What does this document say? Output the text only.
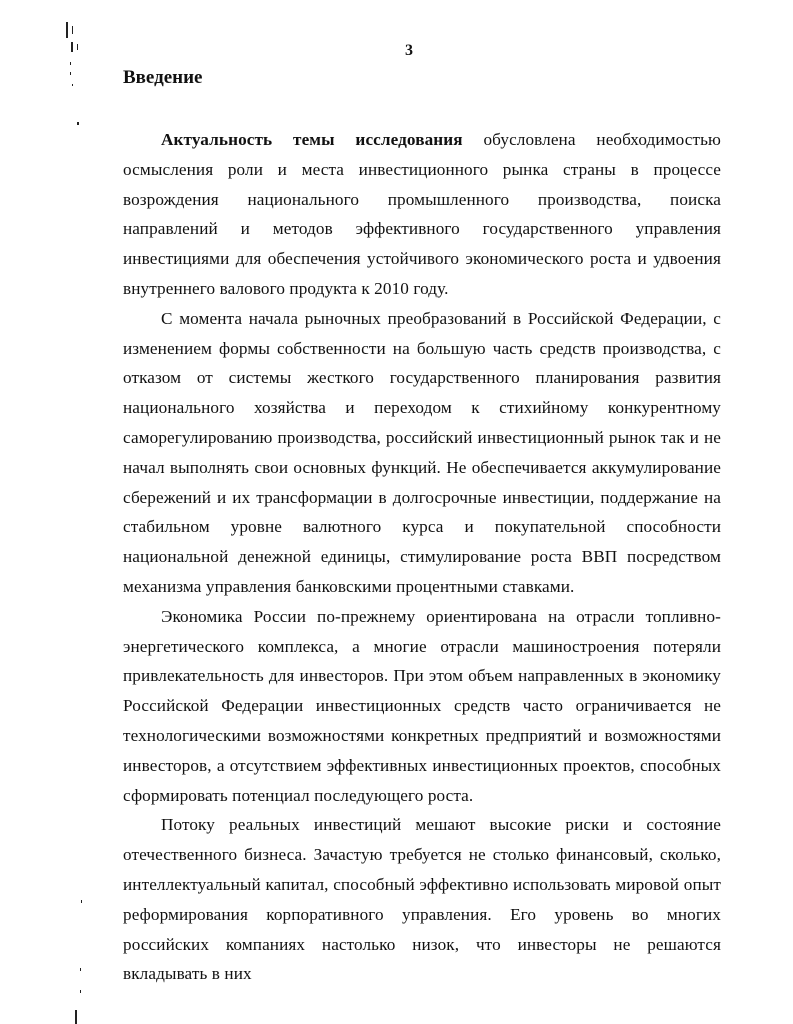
3
Введение

Актуальность темы исследования обусловлена необходимостью осмысления роли и места инвестиционного рынка страны в процессе возрождения национального промышленного производства, поиска направлений и методов эффективного государственного управления инвестициями для обеспечения устойчивого экономического роста и удвоения внутреннего валового продукта к 2010 году.

С момента начала рыночных преобразований в Российской Федерации, с изменением формы собственности на большую часть средств производства, с отказом от системы жесткого государственного планирования развития национального хозяйства и переходом к стихийному конкурентному саморегулированию производства, российский инвестиционный рынок так и не начал выполнять свои основных функций. Не обеспечивается аккумулирование сбережений и их трансформации в долгосрочные инвестиции, поддержание на стабильном уровне валютного курса и покупательной способности национальной денежной единицы, стимулирование роста ВВП посредством механизма управления банковскими процентными ставками.

Экономика России по-прежнему ориентирована на отрасли топливно-энергетического комплекса, а многие отрасли машиностроения потеряли привлекательность для инвесторов. При этом объем направленных в экономику Российской Федерации инвестиционных средств часто ограничивается не технологическими возможностями конкретных предприятий и возможностями инвесторов, а отсутствием эффективных инвестиционных проектов, способных сформировать потенциал последующего роста.

Потоку реальных инвестиций мешают высокие риски и состояние отечественного бизнеса. Зачастую требуется не столько финансовый, сколько, интеллектуальный капитал, способный эффективно использовать мировой опыт реформирования корпоративного управления. Его уровень во многих российских компаниях настолько низок, что инвесторы не решаются вкладывать в них
